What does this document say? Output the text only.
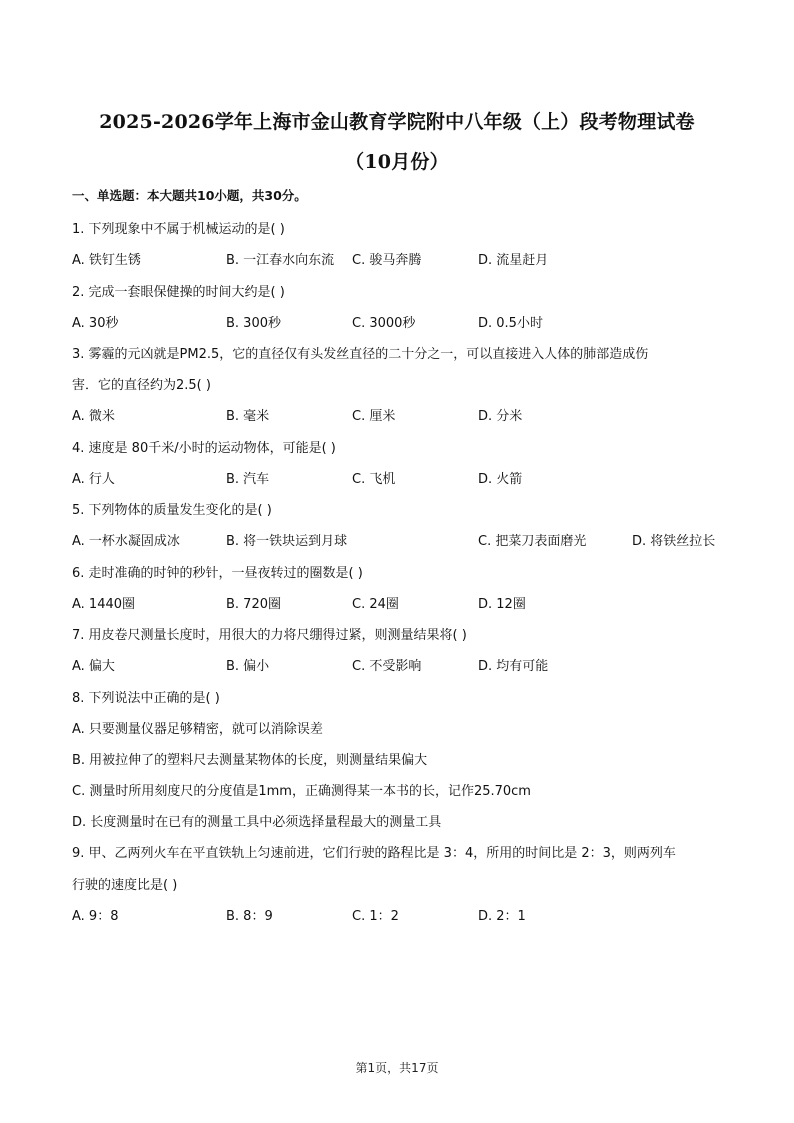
2025-2026学年上海市金山教育学院附中八年级（上）段考物理试卷
（10月份）
一、单选题：本大题共10小题，共30分。
1. 下列现象中不属于机械运动的是( )
A. 铁钉生锈	B. 一江春水向东流 C. 骏马奔腾	D. 流星赶月
2. 完成一套眼保健操的时间大约是( )
A. 30秒	B. 300秒	C. 3000秒	D. 0.5小时
3. 雾霾的元凶就是PM2.5，它的直径仅有头发丝直径的二十分之一，可以直接进入人体的肺部造成伤
害．它的直径约为2.5( )
A. 微米	B. 毫米	C. 厘米	D. 分米
4. 速度是 80千米/小时的运动物体，可能是( )
A. 行人	B. 汽车	C. 飞机	D. 火箭
5. 下列物体的质量发生变化的是( )
A. 一杯水凝固成冰	B. 将一铁块运到月球	C. 把菜刀表面磨光	D. 将铁丝拉长
6. 走时准确的时钟的秒针，一昼夜转过的圈数是( )
A. 1440圈	B. 720圈	C. 24圈	D. 12圈
7. 用皮卷尺测量长度时，用很大的力将尺绷得过紧，则测量结果将( )
A. 偏大	B. 偏小	C. 不受影响	D. 均有可能
8. 下列说法中正确的是( )
A. 只要测量仪器足够精密，就可以消除误差
B. 用被拉伸了的塑料尺去测量某物体的长度，则测量结果偏大
C. 测量时所用刻度尺的分度值是1mm，正确测得某一本书的长，记作25.70cm
D. 长度测量时在已有的测量工具中必须选择量程最大的测量工具
9. 甲、乙两列火车在平直铁轨上匀速前进，它们行驶的路程比是 3：4，所用的时间比是 2：3，则两列车
行驶的速度比是( )
A. 9：8	B. 8：9	C. 1：2	D. 2：1
第1页，共17页
